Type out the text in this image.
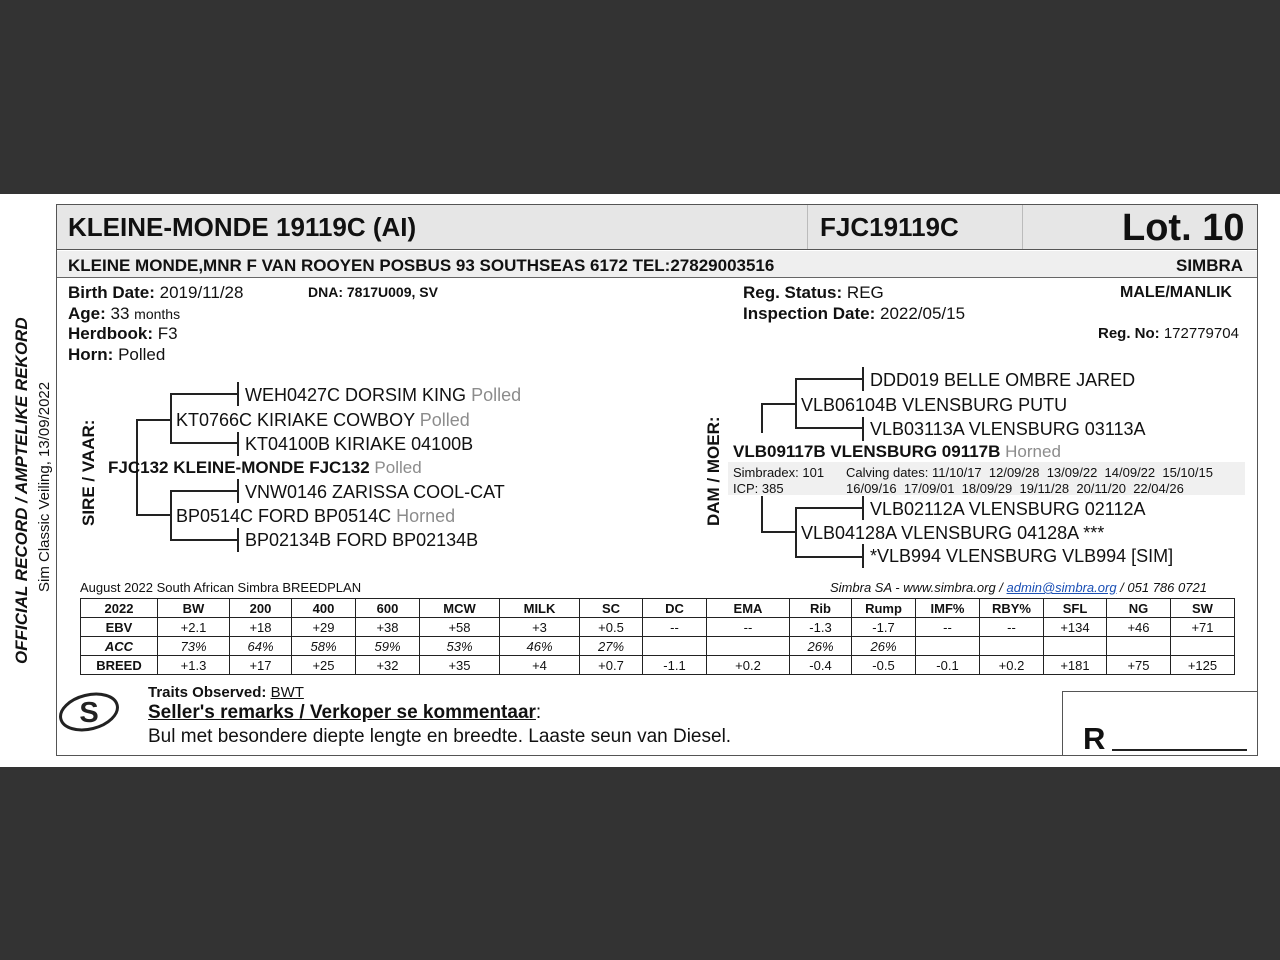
KLEINE-MONDE 19119C (AI)	FJC19119C	Lot. 10
KLEINE MONDE,MNR F VAN ROOYEN POSBUS 93 SOUTHSEAS 6172 TEL:27829003516	SIMBRA
Birth Date: 2019/11/28	DNA: 7817U009, SV
Age: 33 months
Herdbook: F3
Horn: Polled
Reg. Status: REG
Inspection Date: 2022/05/15
MALE/MANLIK
Reg. No: 172779704
OFFICIAL RECORD / AMPTELIKE REKORD Sim Classic Veiling, 13/09/2022 SIRE / VAAR:
WEH0427C DORSIM KING Polled
KT0766C KIRIAKE COWBOY Polled
KT04100B KIRIAKE 04100B
FJC132 KLEINE-MONDE FJC132 Polled
VNW0146 ZARISSA COOL-CAT
BP0514C FORD BP0514C Horned
BP02134B FORD BP02134B
DAM / MOER:
DDD019 BELLE OMBRE JARED
VLB06104B VLENSBURG PUTU
VLB03113A VLENSBURG 03113A
VLB09117B VLENSBURG 09117B Horned
Simbradex: 101
ICP: 385
Calving dates: 11/10/17  12/09/28  13/09/22  14/09/22  15/10/15
16/09/16  17/09/01  18/09/29  19/11/28  20/11/20  22/04/26
VLB02112A VLENSBURG 02112A
VLB04128A VLENSBURG 04128A ***
*VLB994 VLENSBURG VLB994 [SIM]
August 2022 South African Simbra BREEDPLAN	Simbra SA - www.simbra.org / admin@simbra.org / 051 786 0721
2022	BW	200	400	600	MCW	MILK	SC	DC	EMA	Rib	Rump	IMF%	RBY%	SFL	NG	SW
EBV	+2.1	+18	+29	+38	+58	+3	+0.5	--	--	-1.3	-1.7	--	--	+134	+46	+71
ACC	73%	64%	58%	59%	53%	46%	27%			26%	26%					
BREED	+1.3	+17	+25	+32	+35	+4	+0.7	-1.1	+0.2	-0.4	-0.5	-0.1	+0.2	+181	+75	+125
S
Traits Observed: BWT
Seller's remarks / Verkoper se kommentaar:
Bul met besondere diepte lengte en breedte. Laaste seun van Diesel.	R
